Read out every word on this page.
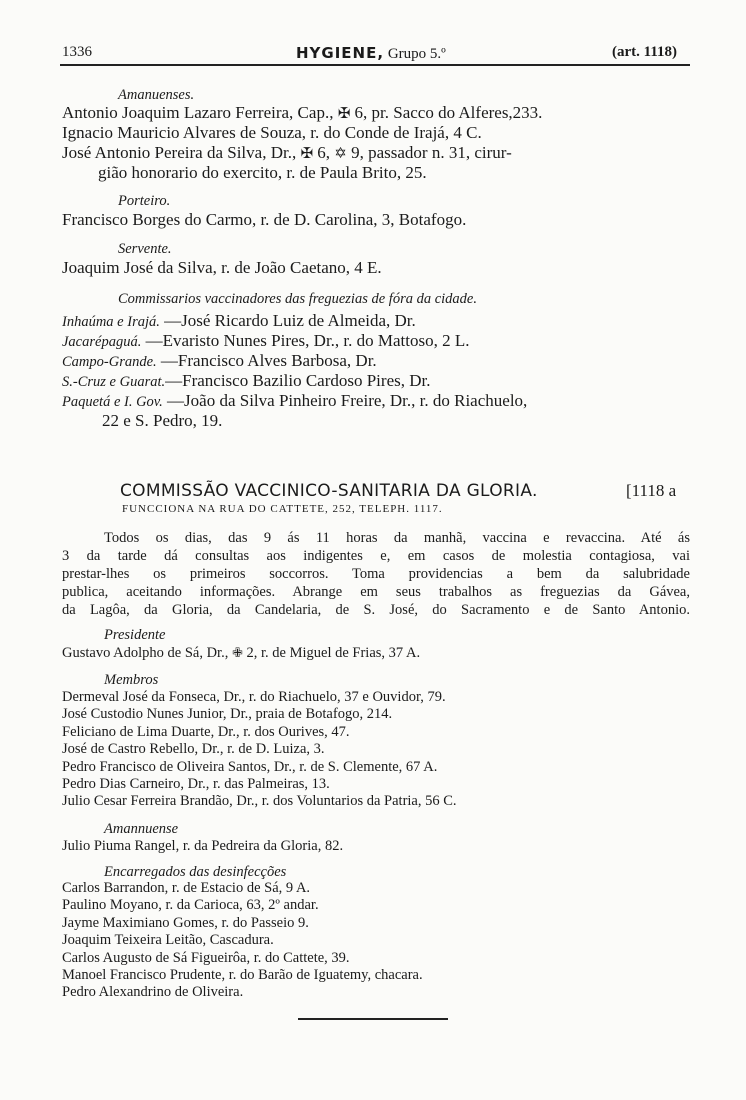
1336	HYGIENE, Grupo 5.º	(art. 1118)
Amanuenses.
Antonio Joaquim Lazaro Ferreira, Cap., ✠ 6, pr. Sacco do Alferes,233.
Ignacio Mauricio Alvares de Souza, r. do Conde de Irajá, 4 C.
José Antonio Pereira da Silva, Dr., ✠ 6, ✡ 9, passador n. 31, cirur-
gião honorario do exercito, r. de Paula Brito, 25.
Porteiro.
Francisco Borges do Carmo, r. de D. Carolina, 3, Botafogo.
Servente.
Joaquim José da Silva, r. de João Caetano, 4 E.
Commissarios vaccinadores das freguezias de fóra da cidade.
Inhaúma e Irajá. —José Ricardo Luiz de Almeida, Dr.
Jacarépaguá. —Evaristo Nunes Pires, Dr., r. do Mattoso, 2 L.
Campo-Grande. —Francisco Alves Barbosa, Dr.
S.-Cruz e Guarat.—Francisco Bazilio Cardoso Pires, Dr.
Paquetá e I. Gov. —João da Silva Pinheiro Freire, Dr., r. do Riachuelo,
22 e S. Pedro, 19.
COMMISSÃO VACCINICO-SANITARIA DA GLORIA.	[1118 a
FUNCCIONA NA RUA DO CATTETE, 252, TELEPH. 1117.
Todos os dias, das 9 ás 11 horas da manhã, vaccina e revaccina. Até ás
3 da tarde dá consultas aos indigentes e, em casos de molestia contagiosa, vai
prestar-lhes os primeiros soccorros. Toma providencias a bem da salubridade
publica, aceitando informações. Abrange em seus trabalhos as freguezias da Gávea,
da Lagôa, da Gloria, da Candelaria, de S. José, do Sacramento e de Santo Antonio.
Presidente
Gustavo Adolpho de Sá, Dr., ✙ 2, r. de Miguel de Frias, 37 A.
Membros
Dermeval José da Fonseca, Dr., r. do Riachuelo, 37 e Ouvidor, 79.
José Custodio Nunes Junior, Dr., praia de Botafogo, 214.
Feliciano de Lima Duarte, Dr., r. dos Ourives, 47.
José de Castro Rebello, Dr., r. de D. Luiza, 3.
Pedro Francisco de Oliveira Santos, Dr., r. de S. Clemente, 67 A.
Pedro Dias Carneiro, Dr., r. das Palmeiras, 13.
Julio Cesar Ferreira Brandão, Dr., r. dos Voluntarios da Patria, 56 C.
Amannuense
Julio Piuma Rangel, r. da Pedreira da Gloria, 82.
Encarregados das desinfecções
Carlos Barrandon, r. de Estacio de Sá, 9 A.
Paulino Moyano, r. da Carioca, 63, 2º andar.
Jayme Maximiano Gomes, r. do Passeio 9.
Joaquim Teixeira Leitão, Cascadura.
Carlos Augusto de Sá Figueirôa, r. do Cattete, 39.
Manoel Francisco Prudente, r. do Barão de Iguatemy, chacara.
Pedro Alexandrino de Oliveira.
